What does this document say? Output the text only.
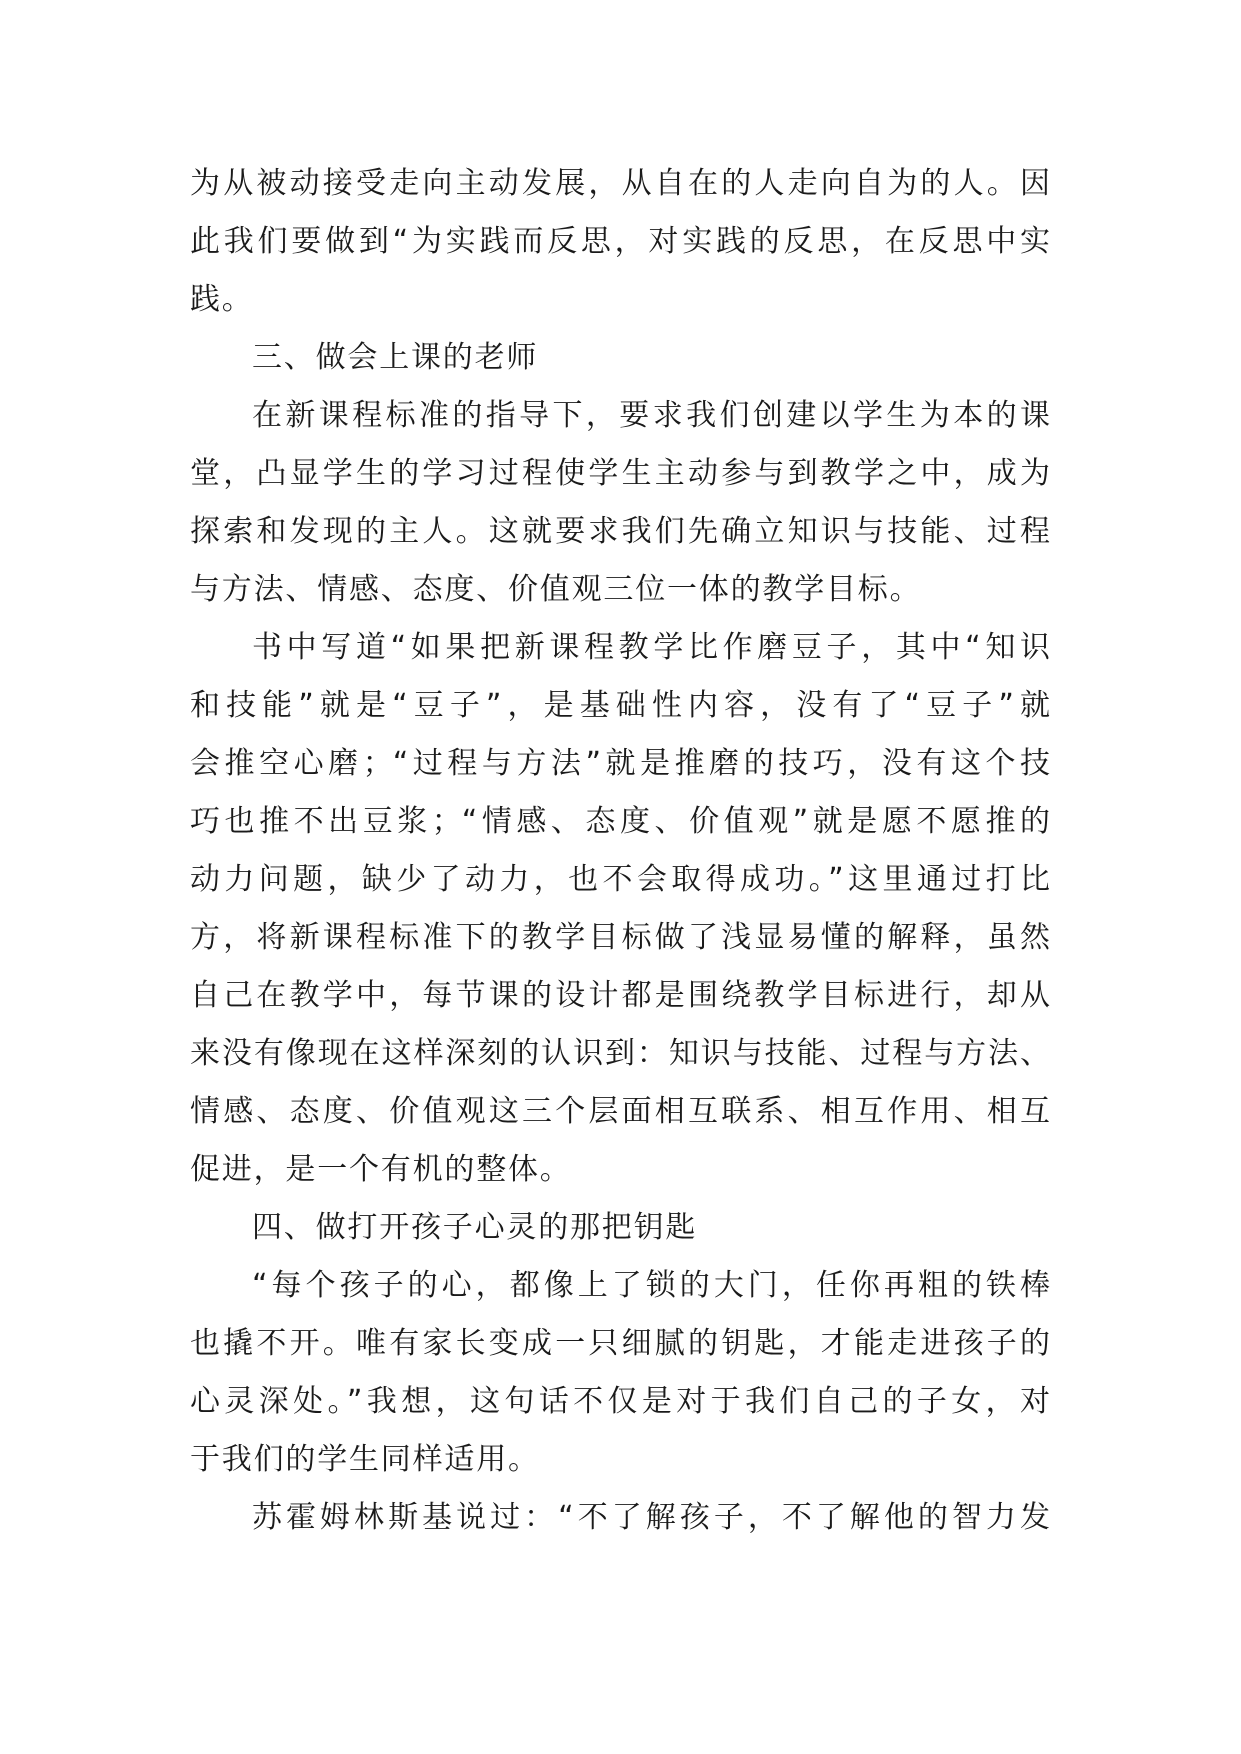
为从被动接受走向主动发展，从自在的人走向自为的人。因
此我们要做到“为实践而反思，对实践的反思，在反思中实
践。
三、做会上课的老师
在新课程标准的指导下，要求我们创建以学生为本的课
堂，凸显学生的学习过程使学生主动参与到教学之中，成为
探索和发现的主人。这就要求我们先确立知识与技能、过程
与方法、情感、态度、价值观三位一体的教学目标。
书中写道“如果把新课程教学比作磨豆子，其中“知识
和技能”就是“豆子”，是基础性内容，没有了“豆子”就
会推空心磨；“过程与方法”就是推磨的技巧，没有这个技
巧也推不出豆浆；“情感、态度、价值观”就是愿不愿推的
动力问题，缺少了动力，也不会取得成功。”这里通过打比
方，将新课程标准下的教学目标做了浅显易懂的解释，虽然
自己在教学中，每节课的设计都是围绕教学目标进行，却从
来没有像现在这样深刻的认识到：知识与技能、过程与方法、
情感、态度、价值观这三个层面相互联系、相互作用、相互
促进，是一个有机的整体。
四、做打开孩子心灵的那把钥匙
“每个孩子的心，都像上了锁的大门，任你再粗的铁棒
也撬不开。唯有家长变成一只细腻的钥匙，才能走进孩子的
心灵深处。”我想，这句话不仅是对于我们自己的子女，对
于我们的学生同样适用。
苏霍姆林斯基说过：“不了解孩子，不了解他的智力发
